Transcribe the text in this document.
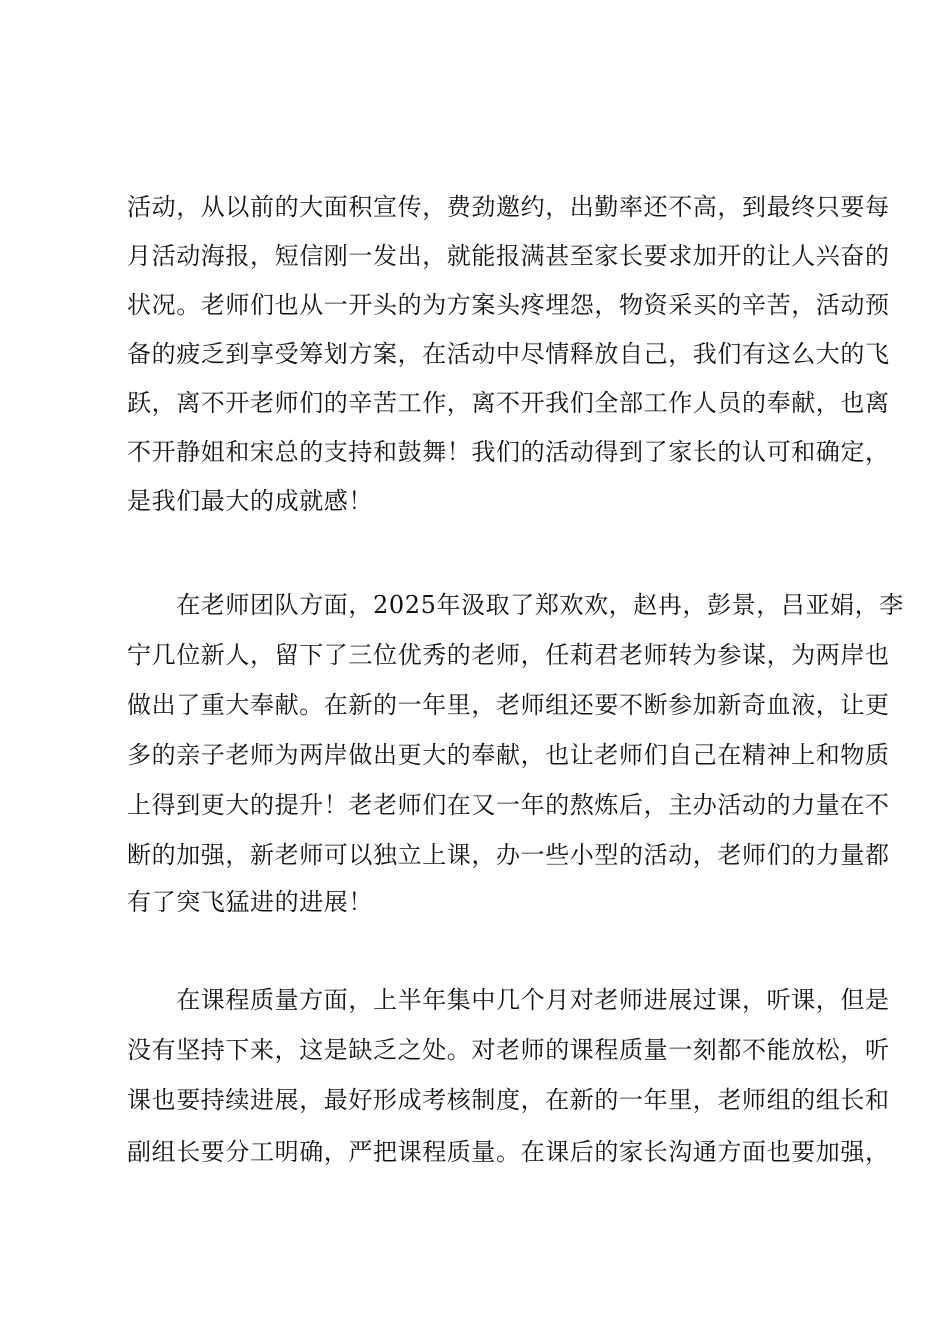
活动，从以前的大面积宣传，费劲邀约，出勤率还不高，到最终只要每
月活动海报，短信刚一发出，就能报满甚至家长要求加开的让人兴奋的
状况。老师们也从一开头的为方案头疼埋怨，物资采买的辛苦，活动预
备的疲乏到享受筹划方案，在活动中尽情释放自己，我们有这么大的飞
跃，离不开老师们的辛苦工作，离不开我们全部工作人员的奉献，也离
不开静姐和宋总的支持和鼓舞！我们的活动得到了家长的认可和确定，
是我们最大的成就感！
　　在老师团队方面，2025年汲取了郑欢欢，赵冉，彭景，吕亚娟，李
宁几位新人，留下了三位优秀的老师，任莉君老师转为参谋，为两岸也
做出了重大奉献。在新的一年里，老师组还要不断参加新奇血液，让更
多的亲子老师为两岸做出更大的奉献，也让老师们自己在精神上和物质
上得到更大的提升！老老师们在又一年的熬炼后，主办活动的力量在不
断的加强，新老师可以独立上课，办一些小型的活动，老师们的力量都
有了突飞猛进的进展！
　　在课程质量方面，上半年集中几个月对老师进展过课，听课，但是
没有坚持下来，这是缺乏之处。对老师的课程质量一刻都不能放松，听
课也要持续进展，最好形成考核制度，在新的一年里，老师组的组长和
副组长要分工明确，严把课程质量。在课后的家长沟通方面也要加强，
